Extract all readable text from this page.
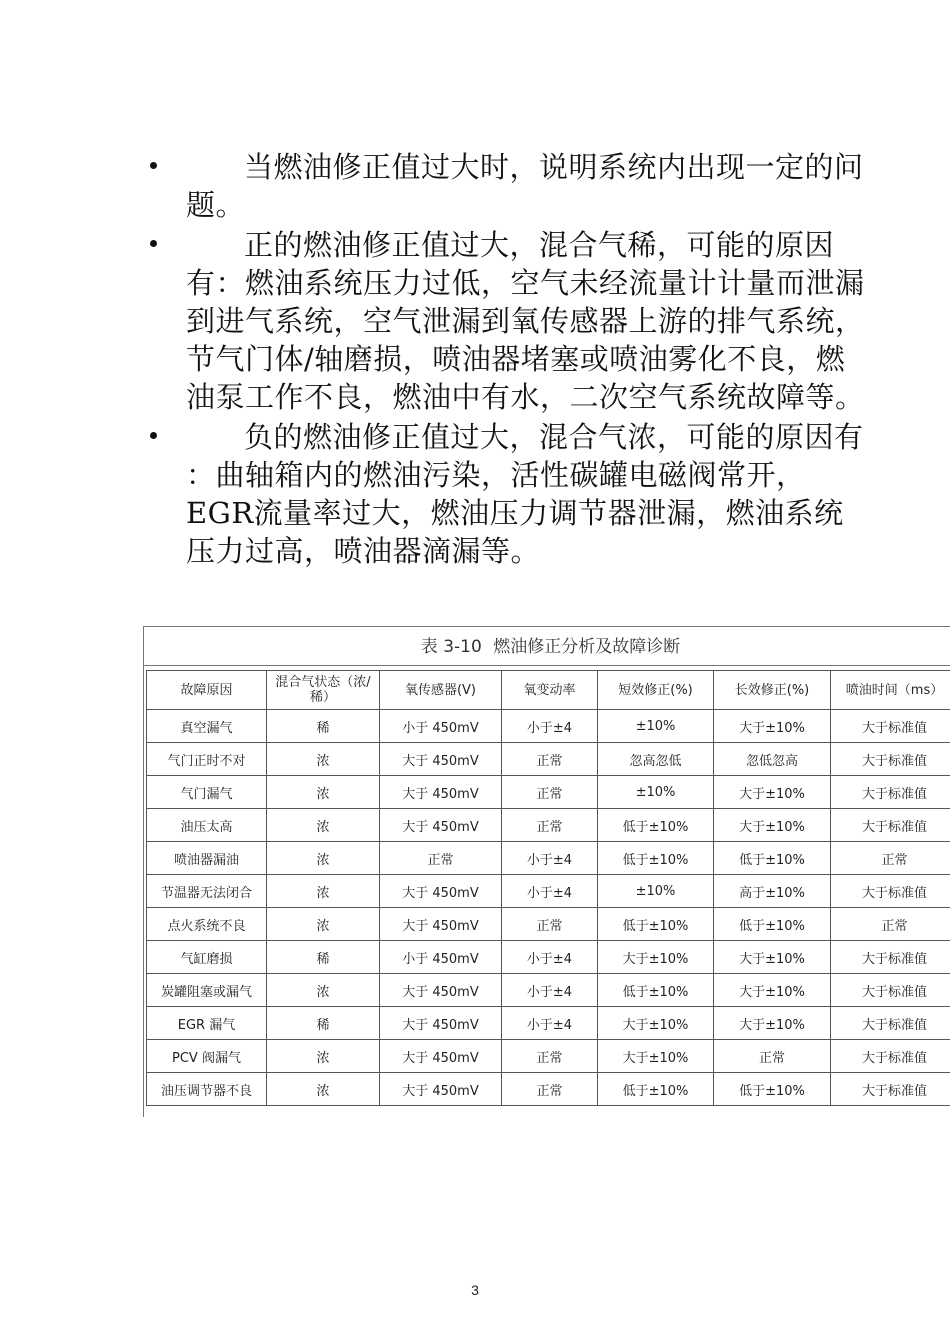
当燃油修正值过大时，说明系统内出现一定的问题。
正的燃油修正值过大，混合气稀，可能的原因有：燃油系统压力过低，空气未经流量计计量而泄漏到进气系统，空气泄漏到氧传感器上游的排气系统，节气门体/轴磨损，喷油器堵塞或喷油雾化不良，燃油泵工作不良，燃油中有水，二次空气系统故障等。
负的燃油修正值过大，混合气浓，可能的原因有 ：曲轴箱内的燃油污染，活性碳罐电磁阀常开，EGR流量率过大，燃油压力调节器泄漏，燃油系统压力过高，喷油器滴漏等。
表 3-10 燃油修正分析及故障诊断
故障原因	混合气状态（浓/稀）	氧传感器(V)	氧变动率	短效修正(%)	长效修正(%)	喷油时间（ms）
真空漏气	稀	小于 450mV	小于±4	±10%	大于±10%	大于标准值
气门正时不对	浓	大于 450mV	正常	忽高忽低	忽低忽高	大于标准值
气门漏气	浓	大于 450mV	正常	±10%	大于±10%	大于标准值
油压太高	浓	大于 450mV	正常	低于±10%	大于±10%	大于标准值
喷油器漏油	浓	正常	小于±4	低于±10%	低于±10%	正常
节温器无法闭合	浓	大于 450mV	小于±4	±10%	高于±10%	大于标准值
点火系统不良	浓	大于 450mV	正常	低于±10%	低于±10%	正常
气缸磨损	稀	小于 450mV	小于±4	大于±10%	大于±10%	大于标准值
炭罐阻塞或漏气	浓	大于 450mV	小于±4	低于±10%	大于±10%	大于标准值
EGR 漏气	稀	大于 450mV	小于±4	大于±10%	大于±10%	大于标准值
PCV 阀漏气	浓	大于 450mV	正常	大于±10%	正常	大于标准值
油压调节器不良	浓	大于 450mV	正常	低于±10%	低于±10%	大于标准值
3
